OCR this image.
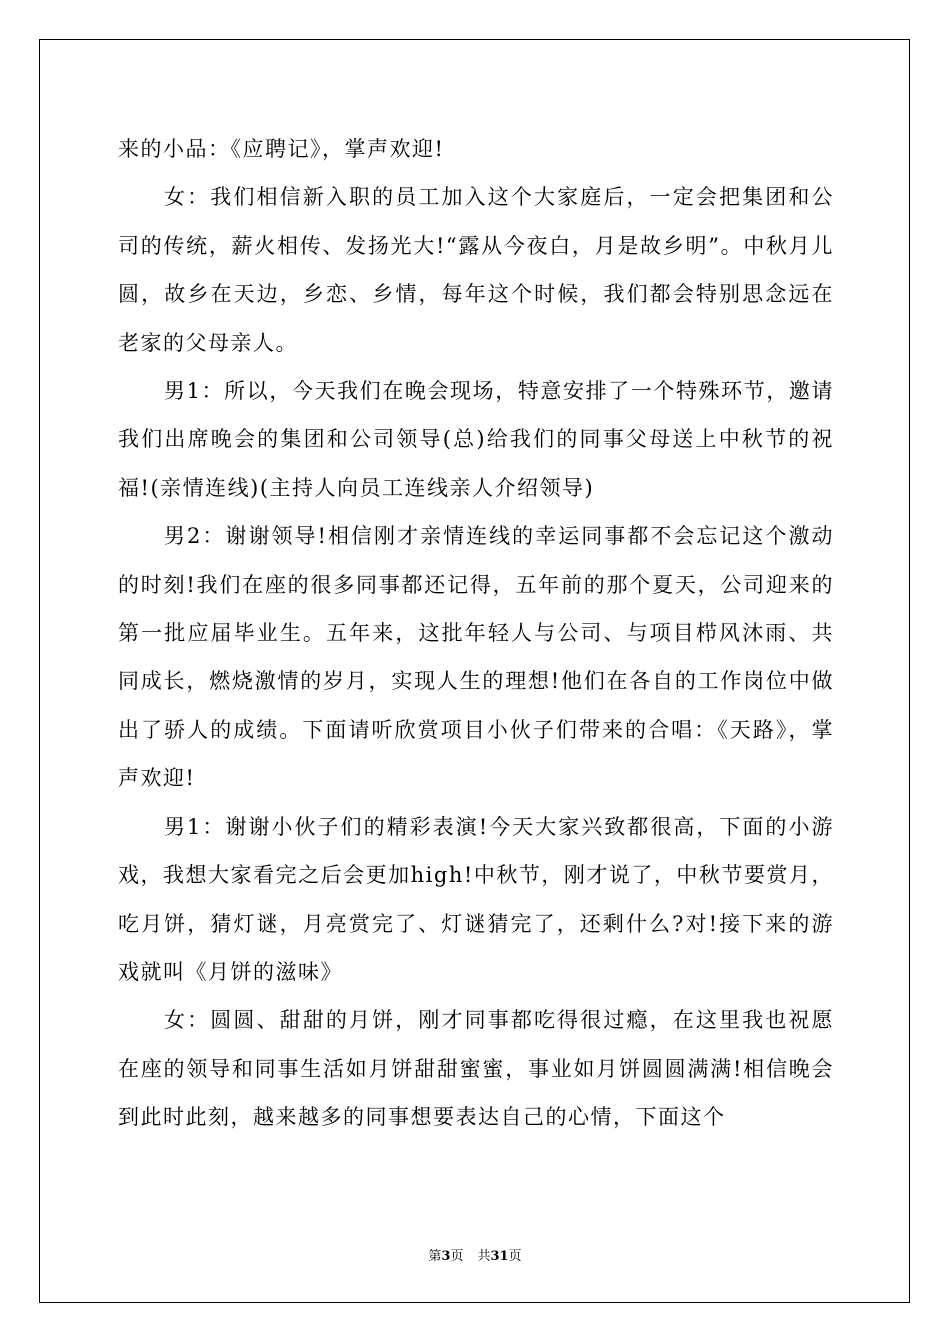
来的小品：《应聘记》，掌声欢迎!

女：我们相信新入职的员工加入这个大家庭后，一定会把集团和公司的传统，薪火相传、发扬光大!“露从今夜白，月是故乡明”。中秋月儿圆，故乡在天边，乡恋、乡情，每年这个时候，我们都会特别思念远在老家的父母亲人。

男1：所以，今天我们在晚会现场，特意安排了一个特殊环节，邀请我们出席晚会的集团和公司领导(总)给我们的同事父母送上中秋节的祝福!(亲情连线)(主持人向员工连线亲人介绍领导)

男2：谢谢领导!相信刚才亲情连线的幸运同事都不会忘记这个激动的时刻!我们在座的很多同事都还记得，五年前的那个夏天，公司迎来的第一批应届毕业生。五年来，这批年轻人与公司、与项目栉风沐雨、共同成长，燃烧激情的岁月，实现人生的理想!他们在各自的工作岗位中做出了骄人的成绩。下面请听欣赏项目小伙子们带来的合唱：《天路》，掌声欢迎!

男1：谢谢小伙子们的精彩表演!今天大家兴致都很高，下面的小游戏，我想大家看完之后会更加high!中秋节，刚才说了，中秋节要赏月，吃月饼，猜灯谜，月亮赏完了、灯谜猜完了，还剩什么?对!接下来的游戏就叫《月饼的滋味》

女：圆圆、甜甜的月饼，刚才同事都吃得很过瘾，在这里我也祝愿在座的领导和同事生活如月饼甜甜蜜蜜，事业如月饼圆圆满满!相信晚会到此时此刻，越来越多的同事想要表达自己的心情，下面这个

第3页 共31页
